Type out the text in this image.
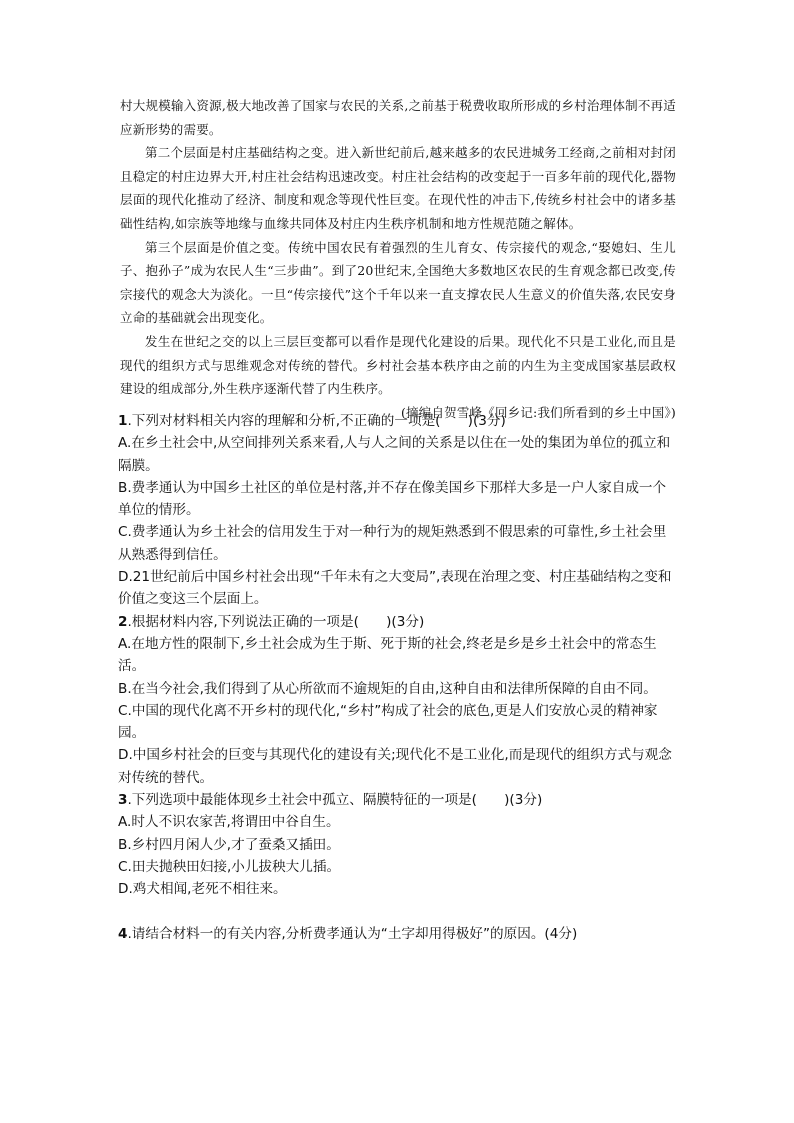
村大规模输入资源,极大地改善了国家与农民的关系,之前基于税费收取所形成的乡村治理体制不再适应新形势的需要。

第二个层面是村庄基础结构之变。进入新世纪前后,越来越多的农民进城务工经商,之前相对封闭且稳定的村庄边界大开,村庄社会结构迅速改变。村庄社会结构的改变起于一百多年前的现代化,器物层面的现代化推动了经济、制度和观念等现代性巨变。在现代性的冲击下,传统乡村社会中的诸多基础性结构,如宗族等地缘与血缘共同体及村庄内生秩序机制和地方性规范随之解体。

第三个层面是价值之变。传统中国农民有着强烈的生儿育女、传宗接代的观念,“娶媳妇、生儿子、抱孙子”成为农民人生“三步曲”。到了20世纪末,全国绝大多数地区农民的生育观念都已改变,传宗接代的观念大为淡化。一旦“传宗接代”这个千年以来一直支撑农民人生意义的价值失落,农民安身立命的基础就会出现变化。

发生在世纪之交的以上三层巨变都可以看作是现代化建设的后果。现代化不只是工业化,而且是现代的组织方式与思维观念对传统的替代。乡村社会基本秩序由之前的内生为主变成国家基层政权建设的组成部分,外生秩序逐渐代替了内生秩序。

(摘编自贺雪峰《回乡记:我们所看到的乡土中国》)

1.下列对材料相关内容的理解和分析,不正确的一项是(　　)(3分)

A.在乡土社会中,从空间排列关系来看,人与人之间的关系是以住在一处的集团为单位的孤立和隔膜。

B.费孝通认为中国乡土社区的单位是村落,并不存在像美国乡下那样大多是一户人家自成一个单位的情形。

C.费孝通认为乡土社会的信用发生于对一种行为的规矩熟悉到不假思索的可靠性,乡土社会里从熟悉得到信任。

D.21世纪前后中国乡村社会出现“千年未有之大变局”,表现在治理之变、村庄基础结构之变和价值之变这三个层面上。

2.根据材料内容,下列说法正确的一项是(　　)(3分)

A.在地方性的限制下,乡土社会成为生于斯、死于斯的社会,终老是乡是乡土社会中的常态生活。

B.在当今社会,我们得到了从心所欲而不逾规矩的自由,这种自由和法律所保障的自由不同。

C.中国的现代化离不开乡村的现代化,“乡村”构成了社会的底色,更是人们安放心灵的精神家园。

D.中国乡村社会的巨变与其现代化的建设有关;现代化不是工业化,而是现代的组织方式与观念对传统的替代。

3.下列选项中最能体现乡土社会中孤立、隔膜特征的一项是(　　)(3分)

A.时人不识农家苦,将谓田中谷自生。

B.乡村四月闲人少,才了蚕桑又插田。

C.田夫抛秧田妇接,小儿拔秧大儿插。

D.鸡犬相闻,老死不相往来。

4.请结合材料一的有关内容,分析费孝通认为“土字却用得极好”的原因。(4分)
